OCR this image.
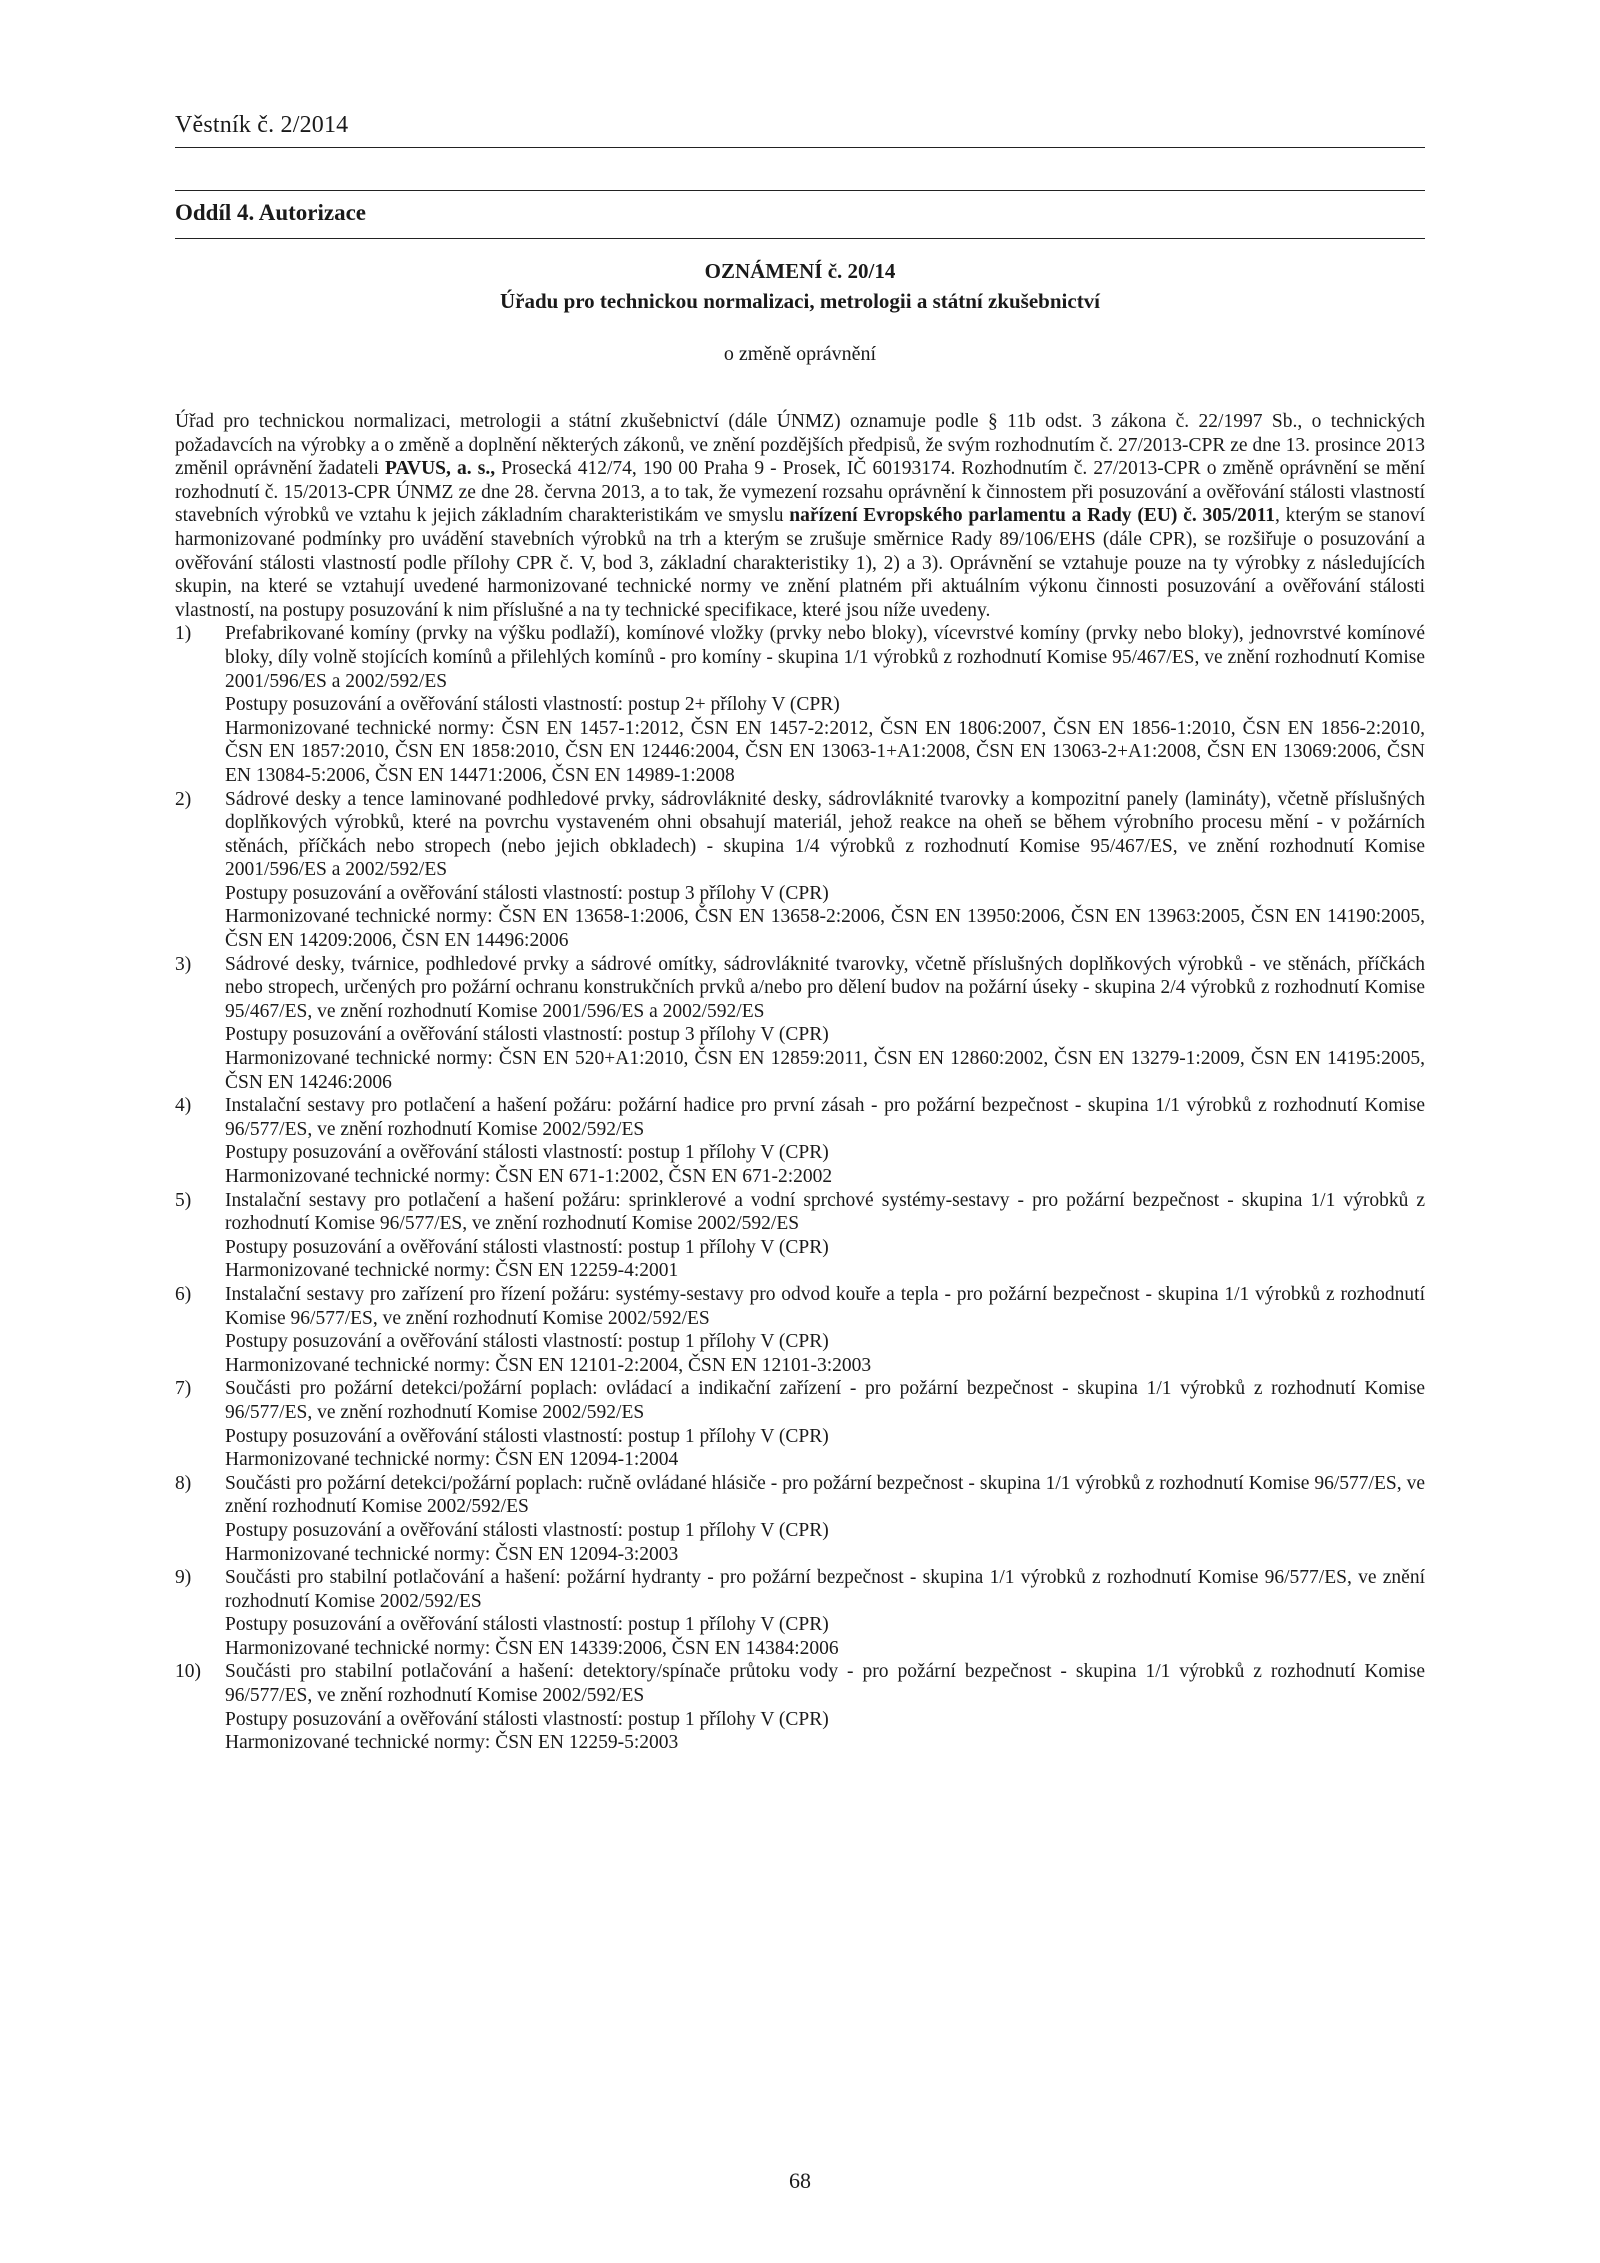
Věstník č. 2/2014
Oddíl 4. Autorizace
OZNÁMENÍ č. 20/14
Úřadu pro technickou normalizaci, metrologii a státní zkušebnictví
o změně oprávnění

Úřad pro technickou normalizaci, metrologii a státní zkušebnictví (dále ÚNMZ) oznamuje podle § 11b odst. 3 zákona č. 22/1997 Sb., o technických požadavcích na výrobky a o změně a doplnění některých zákonů, ve znění pozdějších předpisů, že svým rozhodnutím č. 27/2013-CPR ze dne 13. prosince 2013 změnil oprávnění žadateli PAVUS, a. s., Prosecká 412/74, 190 00 Praha 9 - Prosek, IČ 60193174. Rozhodnutím č. 27/2013-CPR o změně oprávnění se mění rozhodnutí č. 15/2013-CPR ÚNMZ ze dne 28. června 2013, a to tak, že vymezení rozsahu oprávnění k činnostem při posuzování a ověřování stálosti vlastností stavebních výrobků ve vztahu k jejich základním charakteristikám ve smyslu nařízení Evropského parlamentu a Rady (EU) č. 305/2011, kterým se stanoví harmonizované podmínky pro uvádění stavebních výrobků na trh a kterým se zrušuje směrnice Rady 89/106/EHS (dále CPR), se rozšiřuje o posuzování a ověřování stálosti vlastností podle přílohy CPR č. V, bod 3, základní charakteristiky 1), 2) a 3). Oprávnění se vztahuje pouze na ty výrobky z následujících skupin, na které se vztahují uvedené harmonizované technické normy ve znění platném při aktuálním výkonu činnosti posuzování a ověřování stálosti vlastností, na postupy posuzování k nim příslušné a na ty technické specifikace, které jsou níže uvedeny.

1)	Prefabrikované komíny (prvky na výšku podlaží), komínové vložky (prvky nebo bloky), vícevrstvé komíny (prvky nebo bloky), jednovrstvé komínové bloky, díly volně stojících komínů a přilehlých komínů - pro komíny - skupina 1/1 výrobků z rozhodnutí Komise 95/467/ES, ve znění rozhodnutí Komise 2001/596/ES a 2002/592/ES

Postupy posuzování a ověřování stálosti vlastností: postup 2+ přílohy V (CPR)

Harmonizované technické normy: ČSN EN 1457-1:2012, ČSN EN 1457-2:2012, ČSN EN 1806:2007, ČSN EN 1856-1:2010, ČSN EN 1856-2:2010, ČSN EN 1857:2010, ČSN EN 1858:2010, ČSN EN 12446:2004, ČSN EN 13063-1+A1:2008, ČSN EN 13063-2+A1:2008, ČSN EN 13069:2006, ČSN EN 13084-5:2006, ČSN EN 14471:2006, ČSN EN 14989-1:2008

2)	Sádrové desky a tence laminované podhledové prvky, sádrovláknité desky, sádrovláknité tvarovky a kompozitní panely (lamináty), včetně příslušných doplňkových výrobků, které na povrchu vystaveném ohni obsahují materiál, jehož reakce na oheň se během výrobního procesu mění - v požárních stěnách, příčkách nebo stropech (nebo jejich obkladech) - skupina 1/4 výrobků z rozhodnutí Komise 95/467/ES, ve znění rozhodnutí Komise 2001/596/ES a 2002/592/ES

Postupy posuzování a ověřování stálosti vlastností: postup 3 přílohy V (CPR)

Harmonizované technické normy: ČSN EN 13658-1:2006, ČSN EN 13658-2:2006, ČSN EN 13950:2006, ČSN EN 13963:2005, ČSN EN 14190:2005, ČSN EN 14209:2006, ČSN EN 14496:2006

3)	Sádrové desky, tvárnice, podhledové prvky a sádrové omítky, sádrovláknité tvarovky, včetně příslušných doplňkových výrobků - ve stěnách, příčkách nebo stropech, určených pro požární ochranu konstrukčních prvků a/nebo pro dělení budov na požární úseky - skupina 2/4 výrobků z rozhodnutí Komise 95/467/ES, ve znění rozhodnutí Komise 2001/596/ES a 2002/592/ES

Postupy posuzování a ověřování stálosti vlastností: postup 3 přílohy V (CPR)

Harmonizované technické normy: ČSN EN 520+A1:2010, ČSN EN 12859:2011, ČSN EN 12860:2002, ČSN EN 13279-1:2009, ČSN EN 14195:2005, ČSN EN 14246:2006

4)	Instalační sestavy pro potlačení a hašení požáru: požární hadice pro první zásah - pro požární bezpečnost - skupina 1/1 výrobků z rozhodnutí Komise 96/577/ES, ve znění rozhodnutí Komise 2002/592/ES

Postupy posuzování a ověřování stálosti vlastností: postup 1 přílohy V (CPR)

Harmonizované technické normy: ČSN EN 671-1:2002, ČSN EN 671-2:2002

5)	Instalační sestavy pro potlačení a hašení požáru: sprinklerové a vodní sprchové systémy-sestavy - pro požární bezpečnost - skupina 1/1 výrobků z rozhodnutí Komise 96/577/ES, ve znění rozhodnutí Komise 2002/592/ES

Postupy posuzování a ověřování stálosti vlastností: postup 1 přílohy V (CPR)

Harmonizované technické normy: ČSN EN 12259-4:2001

6)	Instalační sestavy pro zařízení pro řízení požáru: systémy-sestavy pro odvod kouře a tepla - pro požární bezpečnost - skupina 1/1 výrobků z rozhodnutí Komise 96/577/ES, ve znění rozhodnutí Komise 2002/592/ES

Postupy posuzování a ověřování stálosti vlastností: postup 1 přílohy V (CPR)

Harmonizované technické normy: ČSN EN 12101-2:2004, ČSN EN 12101-3:2003

7)	Součásti pro požární detekci/požární poplach: ovládací a indikační zařízení - pro požární bezpečnost - skupina 1/1 výrobků z rozhodnutí Komise 96/577/ES, ve znění rozhodnutí Komise 2002/592/ES

Postupy posuzování a ověřování stálosti vlastností: postup 1 přílohy V (CPR)

Harmonizované technické normy: ČSN EN 12094-1:2004

8)	Součásti pro požární detekci/požární poplach: ručně ovládané hlásiče - pro požární bezpečnost - skupina 1/1 výrobků z rozhodnutí Komise 96/577/ES, ve znění rozhodnutí Komise 2002/592/ES

Postupy posuzování a ověřování stálosti vlastností: postup 1 přílohy V (CPR)

Harmonizované technické normy: ČSN EN 12094-3:2003

9)	Součásti pro stabilní potlačování a hašení: požární hydranty - pro požární bezpečnost - skupina 1/1 výrobků z rozhodnutí Komise 96/577/ES, ve znění rozhodnutí Komise 2002/592/ES

Postupy posuzování a ověřování stálosti vlastností: postup 1 přílohy V (CPR)

Harmonizované technické normy: ČSN EN 14339:2006, ČSN EN 14384:2006

10)	Součásti pro stabilní potlačování a hašení: detektory/spínače průtoku vody - pro požární bezpečnost - skupina 1/1 výrobků z rozhodnutí Komise 96/577/ES, ve znění rozhodnutí Komise 2002/592/ES

Postupy posuzování a ověřování stálosti vlastností: postup 1 přílohy V (CPR)

Harmonizované technické normy: ČSN EN 12259-5:2003

68
